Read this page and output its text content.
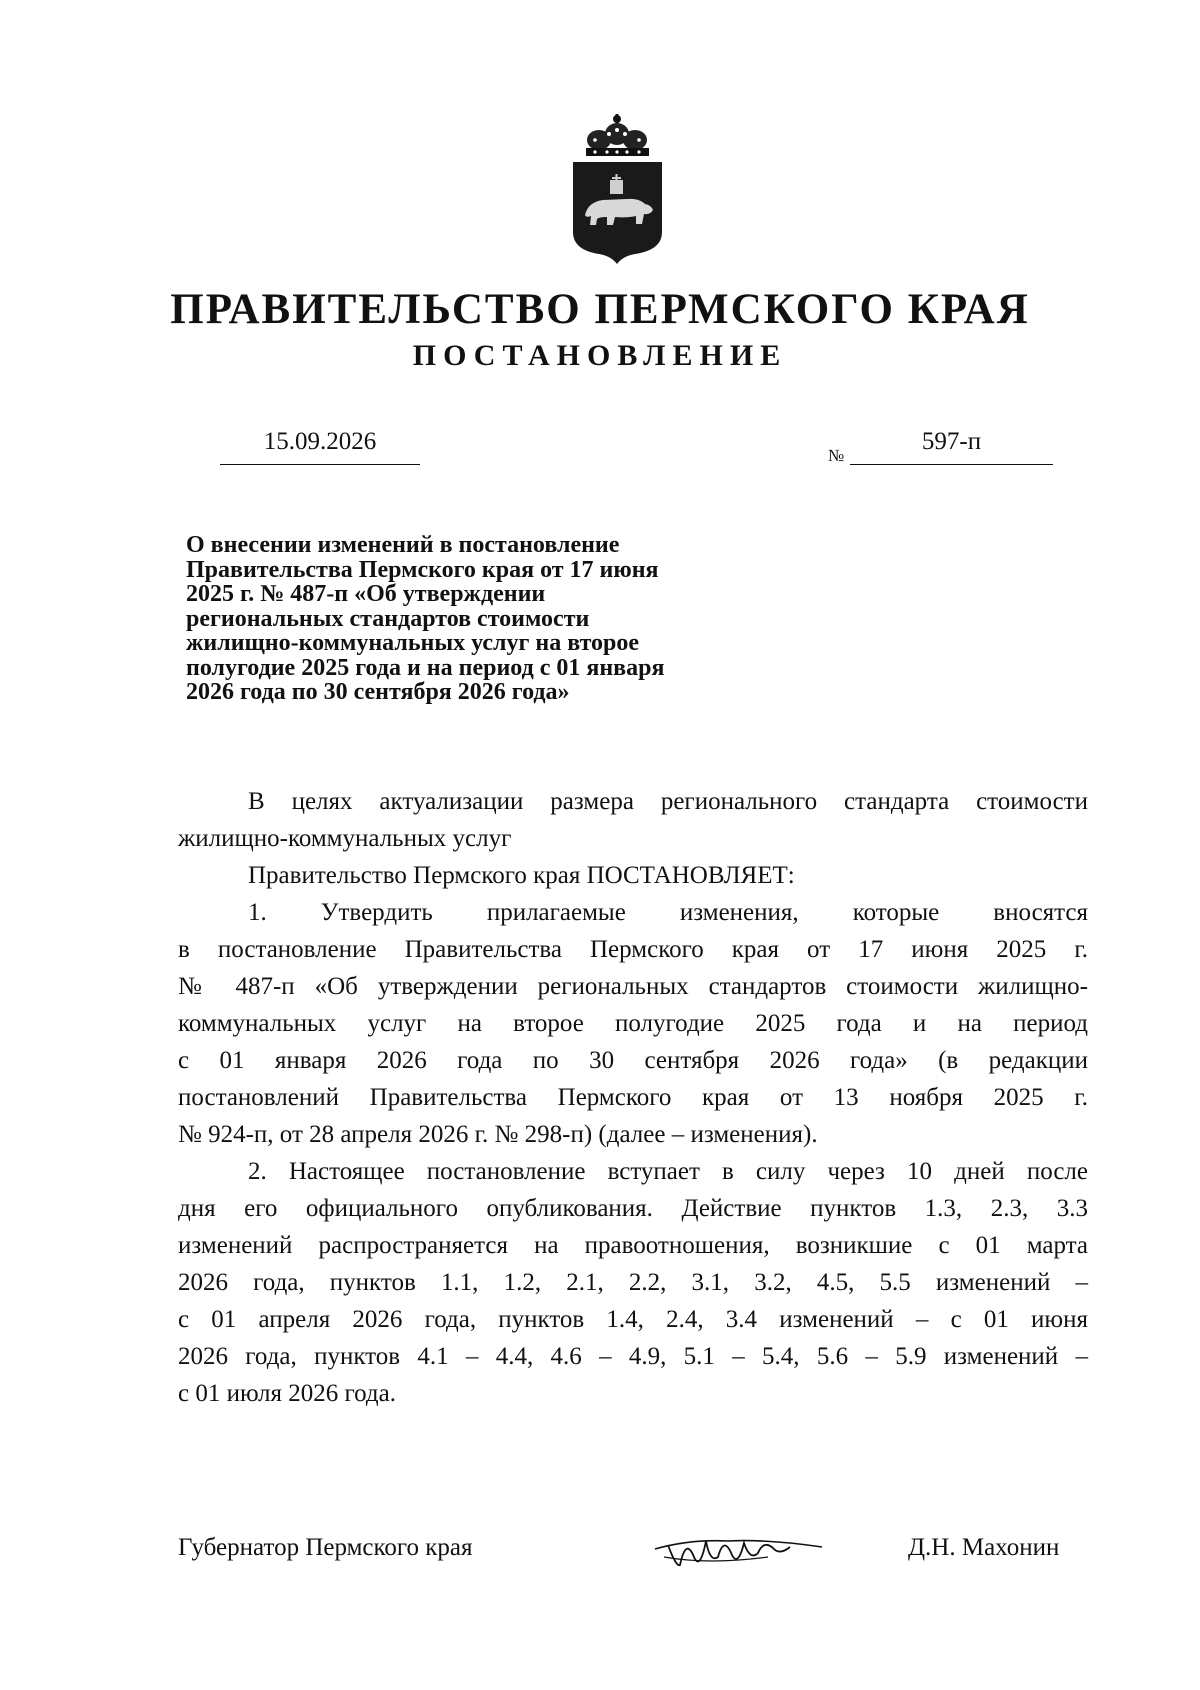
ПРАВИТЕЛЬСТВО ПЕРМСКОГО КРАЯ
ПОСТАНОВЛЕНИЕ
15.09.2026
№
597-п
О внесении изменений в постановление
Правительства Пермского края от 17 июня
2025 г. № 487-п «Об утверждении
региональных стандартов стоимости
жилищно-коммунальных услуг на второе
полугодие 2025 года и на период с 01 января
2026 года по 30 сентября 2026 года»
В целях актуализации размера регионального стандарта стоимости
жилищно-коммунальных услуг
Правительство Пермского края ПОСТАНОВЛЯЕТ:
1. Утвердить прилагаемые изменения, которые вносятся
в постановление Правительства Пермского края от 17 июня 2025 г.
№ 487-п «Об утверждении региональных стандартов стоимости жилищно-
коммунальных услуг на второе полугодие 2025 года и на период
с 01 января 2026 года по 30 сентября 2026 года» (в редакции
постановлений Правительства Пермского края от 13 ноября 2025 г.
№ 924-п, от 28 апреля 2026 г. № 298-п) (далее – изменения).
2. Настоящее постановление вступает в силу через 10 дней после
дня его официального опубликования. Действие пунктов 1.3, 2.3, 3.3
изменений распространяется на правоотношения, возникшие с 01 марта
2026 года, пунктов 1.1, 1.2, 2.1, 2.2, 3.1, 3.2, 4.5, 5.5 изменений –
с 01 апреля 2026 года, пунктов 1.4, 2.4, 3.4 изменений – с 01 июня
2026 года, пунктов 4.1 – 4.4, 4.6 – 4.9, 5.1 – 5.4, 5.6 – 5.9 изменений –
с 01 июля 2026 года.
Губернатор Пермского края	Д.Н. Махонин
